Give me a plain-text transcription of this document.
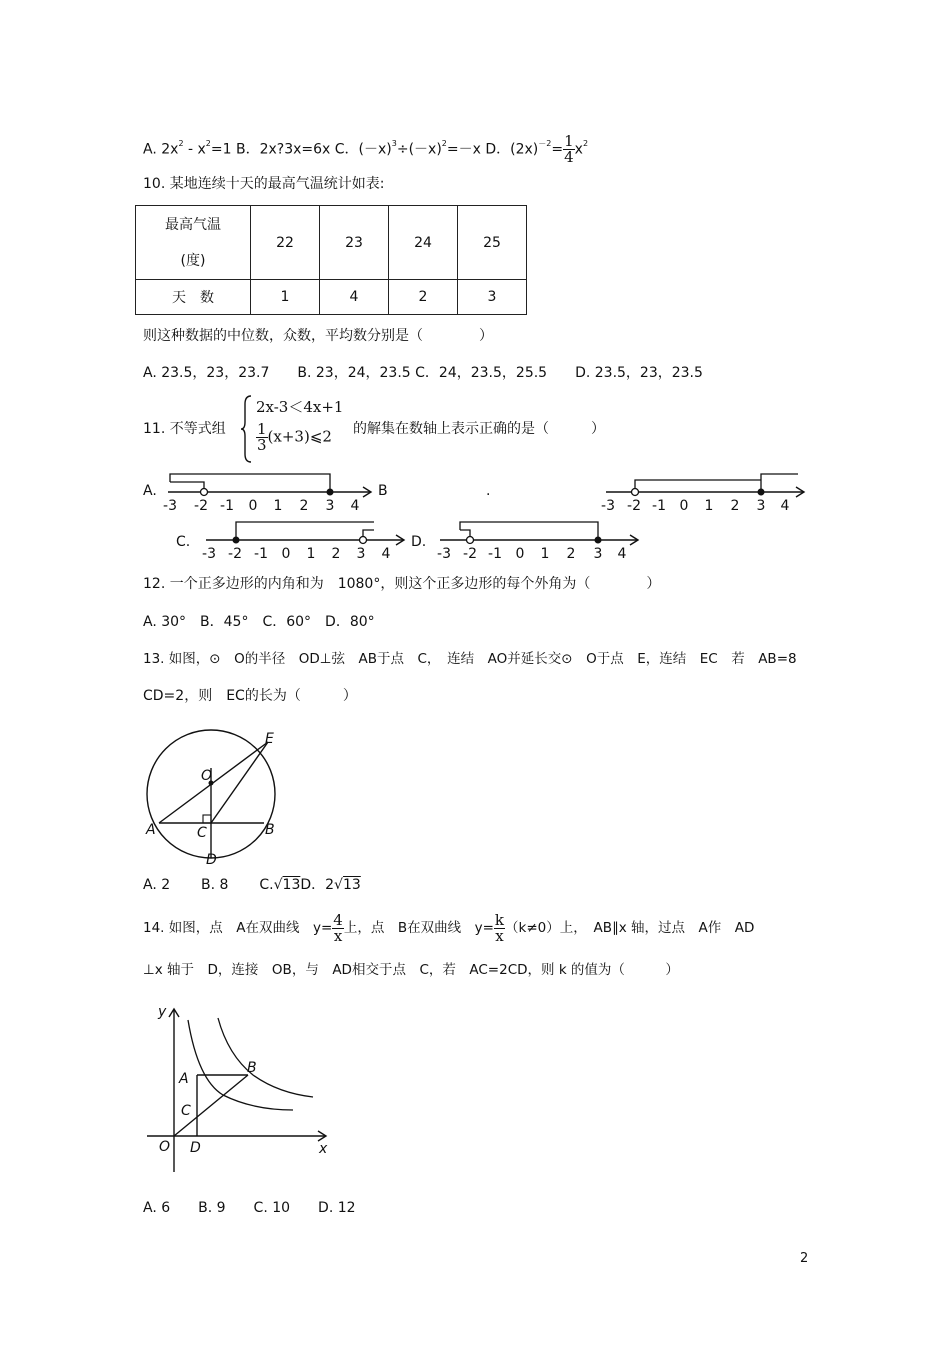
A. $2x^2 - x^2=1$ B．2x?3x=6x C．$(-x)^3\div(-x)^2=-x$ D．$(2x)^{-2}= \frac{1}{4} x^2$
10. 某地连续十天的最高气温统计如表:
最高气温
(度)	22	23	24	25
天　数	1	4	2	3
则这种数据的中位数，众数，平均数分别是（　　　　）
A. 23.5，23，23.7　　B. 23，24，23.5 C．24，23.5，25.5　　D. 23.5，23，23.5
11. 不等式组
2x-3＜4x+1
$\frac{1}{3}$ (x+3)⩽2 的解集在数轴上表示正确的是（　　　）
A.
-3 -2 -1 0 1 2 3 4
B	.
-3 -2 -1 0 1 2 3 4
C.
-3 -2 -1 0 1 2 3 4
D.
-3 -2 -1 0 1 2 3 4
12. 一个正多边形的内角和为　1080°，则这个正多边形的每个外角为（　　　　）
A. 30°　B．45°　C．60°　D．80°
13. 如图，⊙　O的半径　OD⊥弦　AB于点　C，　连结　AO并延长交⊙　O于点　E，连结　EC　若　AB=8
CD=2，则　EC的长为（　　　）
O
A	B
C
D
E
A. 2 B. 8 C.√13D．2√13
14. 如图，点　A在双曲线　$y= \frac{4}{x}$ 上，点　B在双曲线　$y= \frac{k}{x} (k\ne 0)$上，　AB∥x 轴，过点　A作　AD
⊥x 轴于　D，连接　OB，与　AD相交于点　C，若　AC=2CD，则 k 的值为（　　　）
y
x
O
A
B
C
D
A. 6　　B. 9　　C. 10　　D. 12
2
